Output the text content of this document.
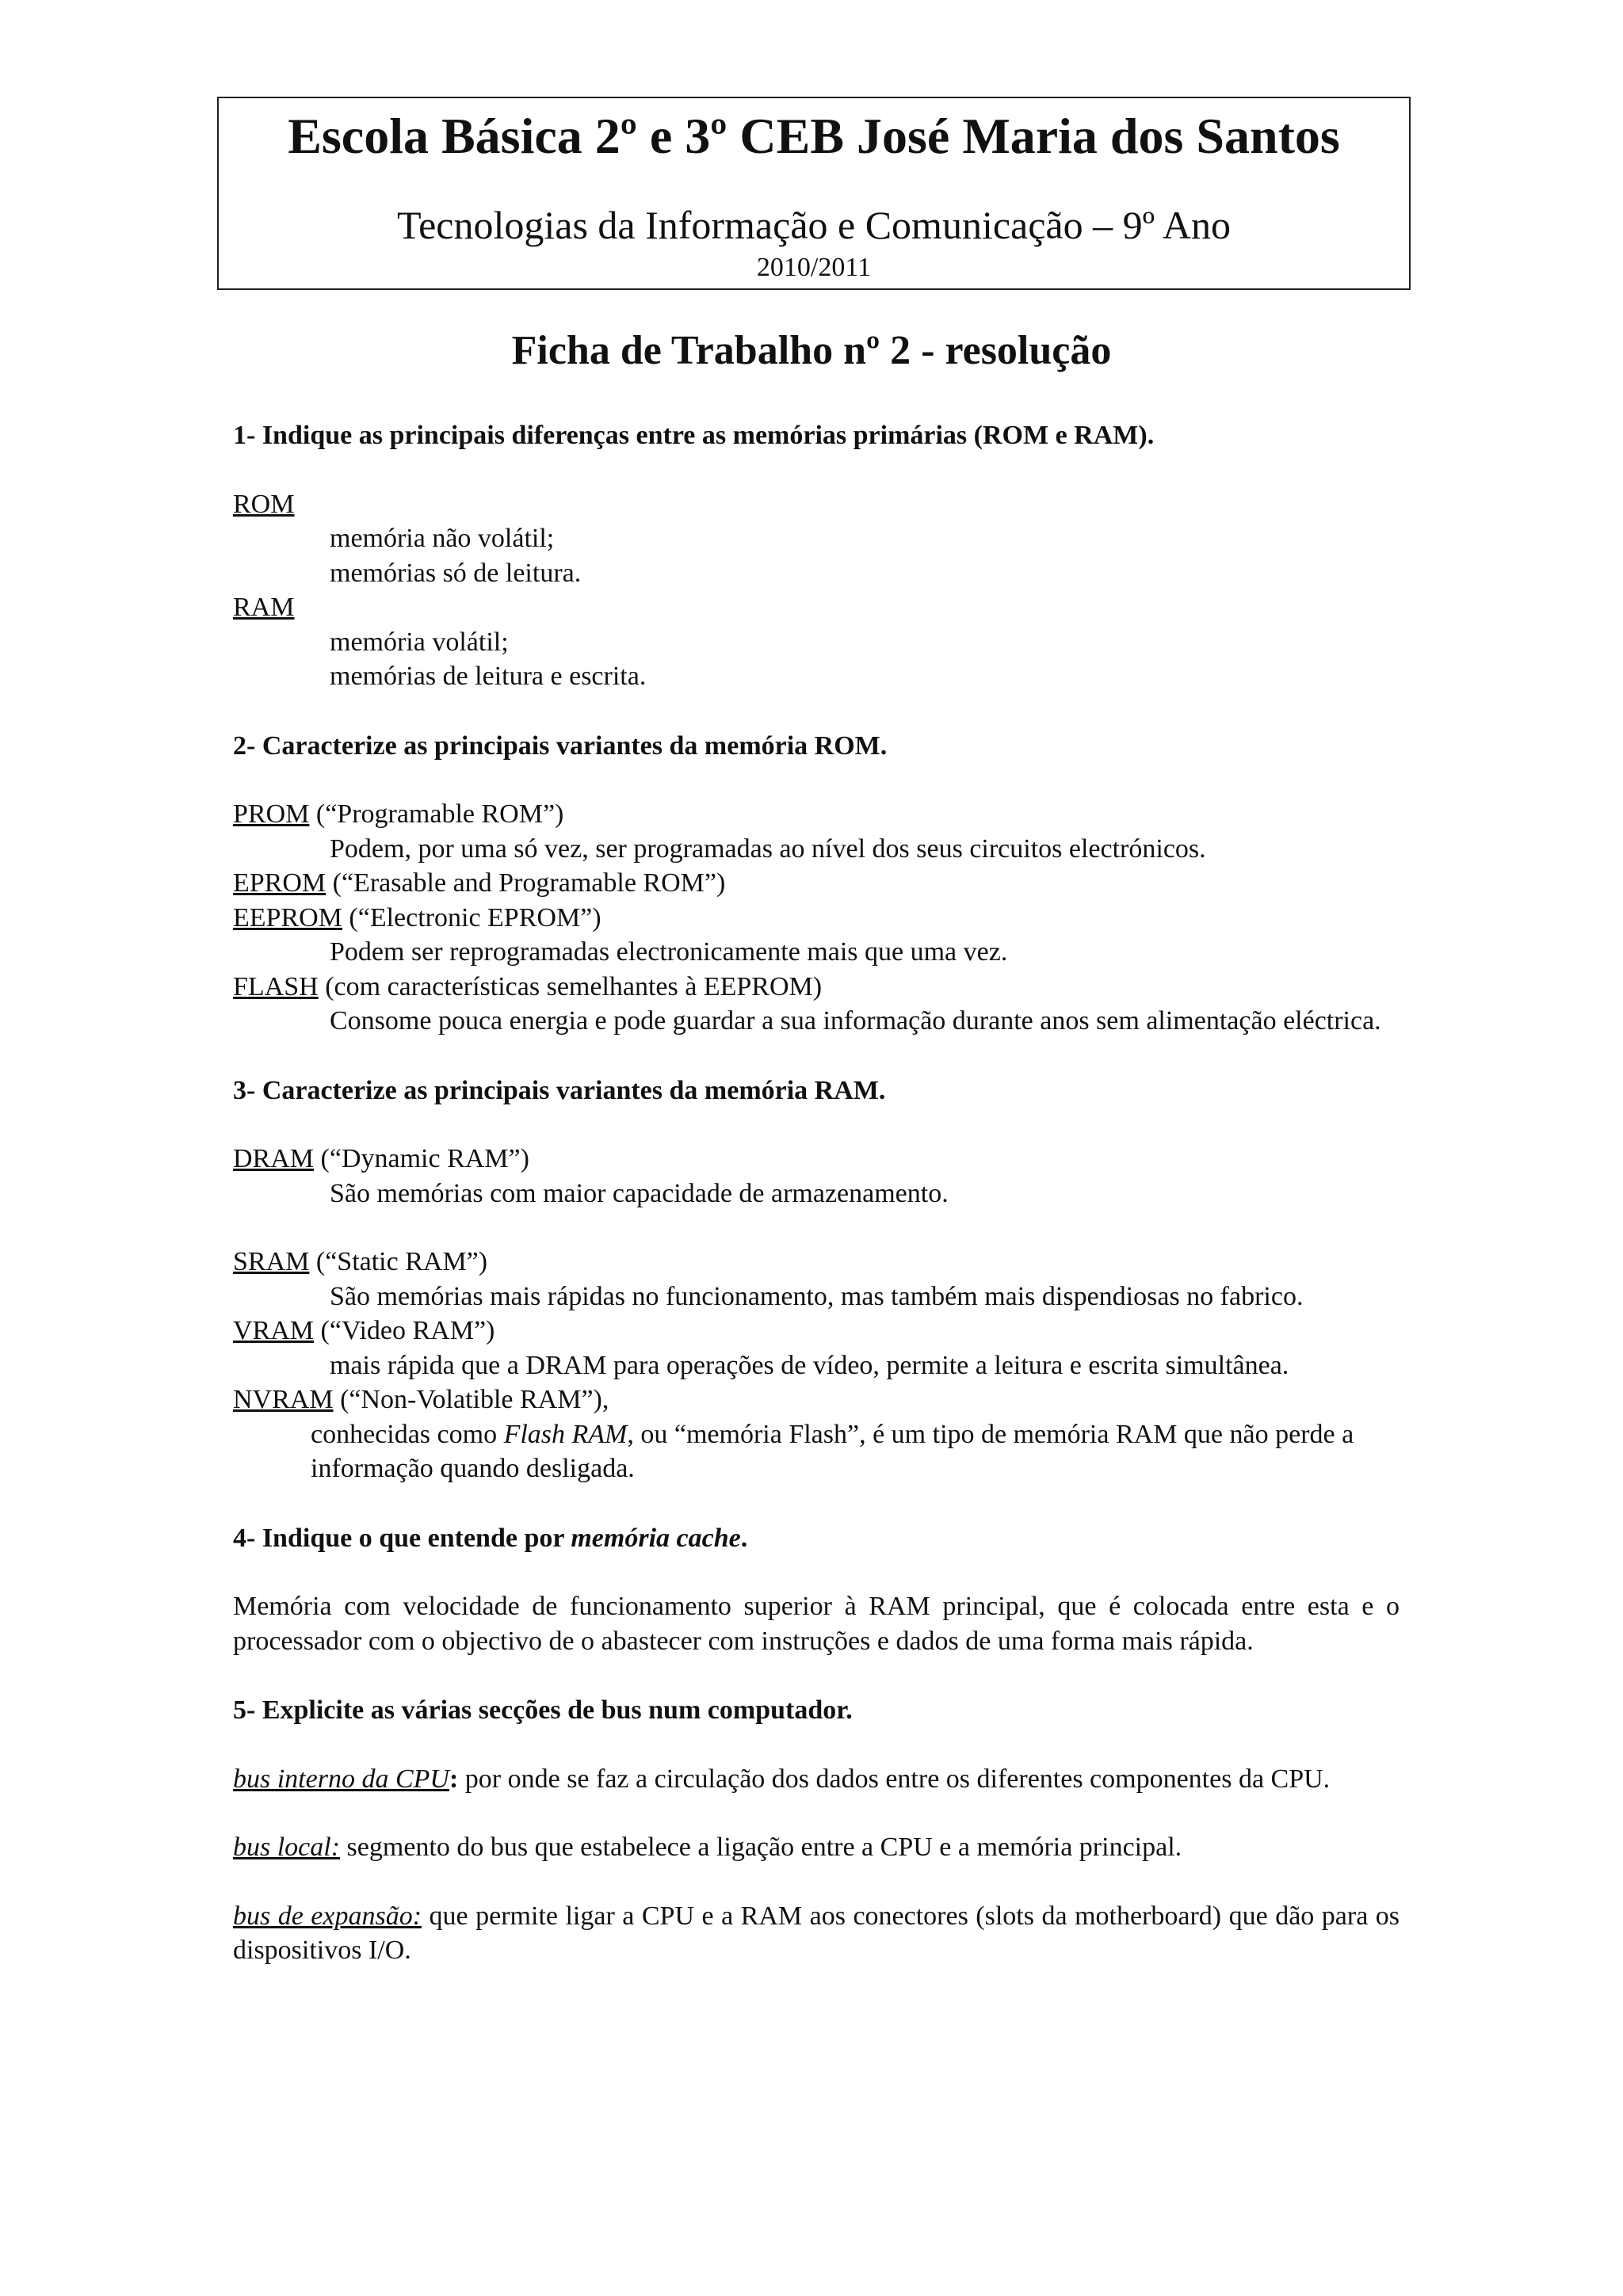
Escola Básica 2º e 3º CEB José Maria dos Santos
Tecnologias da Informação e Comunicação – 9º Ano
2010/2011
Ficha de Trabalho nº 2 - resolução

1- Indique as principais diferenças entre as memórias primárias (ROM e RAM).

ROM

memória não volátil;

memórias só de leitura.

RAM

memória volátil;

memórias de leitura e escrita.

2- Caracterize as principais variantes da memória ROM.

PROM (“Programable ROM”)

Podem, por uma só vez, ser programadas ao nível dos seus circuitos electrónicos.

EPROM (“Erasable and Programable ROM”)

EEPROM (“Electronic EPROM”)

Podem ser reprogramadas electronicamente mais que uma vez.

FLASH (com características semelhantes à EEPROM)

Consome pouca energia e pode guardar a sua informação durante anos sem alimentação eléctrica.

3- Caracterize as principais variantes da memória RAM.

DRAM (“Dynamic RAM”)

São memórias com maior capacidade de armazenamento.

SRAM (“Static RAM”)

São memórias mais rápidas no funcionamento, mas também mais dispendiosas no fabrico.

VRAM (“Video RAM”)

mais rápida que a DRAM para operações de vídeo, permite a leitura e escrita simultânea.

NVRAM (“Non-Volatible RAM”),

conhecidas como Flash RAM, ou “memória Flash”, é um tipo de memória RAM que não perde a informação quando desligada.

4- Indique o que entende por memória cache.

Memória com velocidade de funcionamento superior à RAM principal, que é colocada entre esta e o processador com o objectivo de o abastecer com instruções e dados de uma forma mais rápida.

5- Explicite as várias secções de bus num computador.

bus interno da CPU: por onde se faz a circulação dos dados entre os diferentes componentes da CPU.

bus local: segmento do bus que estabelece a ligação entre a CPU e a memória principal.

bus de expansão: que permite ligar a CPU e a RAM aos conectores (slots da motherboard) que dão para os dispositivos I/O.
